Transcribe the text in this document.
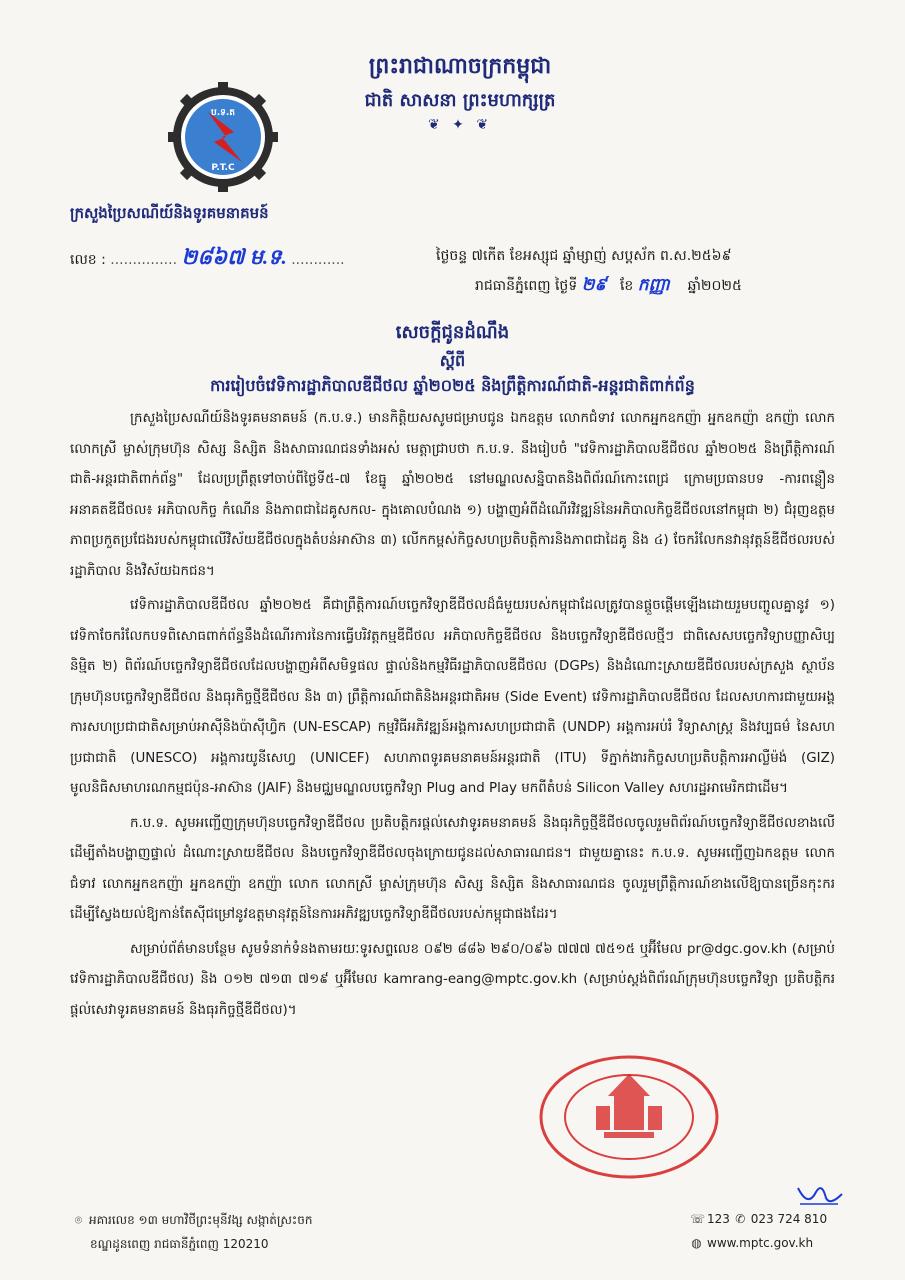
ព្រះរាជាណាចក្រកម្ពុជា
ជាតិ សាសនា ព្រះមហាក្សត្រ
❦ ✦ ❦
ប.ទ.ត
P.T.C
ក្រសួងប្រៃសណីយ៍និងទូរគមនាគមន៍
លេខ : ............... ២៨៦៧ ម.ទ. ............	ថ្ងៃចន្ទ ៧កើត ខែអស្សុជ ឆ្នាំម្សាញ់ សប្តស័ក ព.ស.២៥៦៩
រាជធានីភ្នំពេញ ថ្ងៃទី ២៩ ខែ កញ្ញា ឆ្នាំ២០២៥
សេចក្ដីជូនដំណឹង
ស្ដីពី
ការរៀបចំវេទិការដ្ឋាភិបាលឌីជីថល ឆ្នាំ២០២៥ និងព្រឹត្តិការណ៍ជាតិ-អន្តរជាតិពាក់ព័ន្ធ

ក្រសួងប្រៃសណីយ៍និងទូរគមនាគមន៍ (ក.ប.ទ.) មានកិត្តិយសសូមជម្រាបជូន ឯកឧត្តម លោកជំទាវ លោកអ្នកឧកញ៉ា អ្នកឧកញ៉ា ឧកញ៉ា លោក លោកស្រី ម្ចាស់ក្រុមហ៊ុន សិស្ស និស្សិត និងសាធារណជនទាំងអស់ មេត្តាជ្រាបថា ក.ប.ទ. នឹងរៀបចំ "វេទិការដ្ឋាភិបាលឌីជីថល ឆ្នាំ២០២៥ និងព្រឹត្តិការណ៍ជាតិ-អន្តរជាតិពាក់ព័ន្ធ" ដែលប្រព្រឹត្តទៅចាប់ពីថ្ងៃទី៥-៧ ខែធ្នូ ឆ្នាំ២០២៥ នៅមណ្ឌលសន្និបាតនិងពិព័រណ៍កោះពេជ្រ ក្រោមប្រធានបទ -ការពន្លឿនអនាគតឌីជីថល៖ អភិបាលកិច្ច កំណើន និងភាពជាដៃគូសកល- ក្នុងគោលបំណង ១) បង្ហាញអំពីដំណើរវិវឌ្ឍន៍នៃអភិបាលកិច្ចឌីជីថលនៅកម្ពុជា ២) ជំរុញឧត្តមភាពប្រកួតប្រជែងរបស់កម្ពុជាលើវិស័យឌីជីថលក្នុងតំបន់អាស៊ាន ៣) លើកកម្ពស់កិច្ចសហប្រតិបត្តិការនិងភាពជាដៃគូ និង ៤) ចែករំលែកនវានុវត្តន៍ឌីជីថលរបស់រដ្ឋាភិបាល និងវិស័យឯកជន។

វេទិការដ្ឋាភិបាលឌីជីថល ឆ្នាំ២០២៥ គឺជាព្រឹត្តិការណ៍បច្ចេកវិទ្យាឌីជីថលដ៏ធំមួយរបស់កម្ពុជាដែលត្រូវបានផ្តួចផ្តើមឡើងដោយរួមបញ្ចូលគ្នានូវ ១) វេទិកាចែករំលែកបទពិសោធពាក់ព័ន្ធនឹងដំណើរការនៃការធ្វើបរិវត្តកម្មឌីជីថល អភិបាលកិច្ចឌីជីថល និងបច្ចេកវិទ្យាឌីជីថលថ្មីៗ ជាពិសេសបច្ចេកវិទ្យាបញ្ញាសិប្បនិម្មិត ២) ពិព័រណ៍បច្ចេកវិទ្យាឌីជីថលដែលបង្ហាញអំពីសមិទ្ធផល ផ្ទាល់និងកម្មវិធីរដ្ឋាភិបាលឌីជីថល (DGPs) និងដំណោះស្រាយឌីជីថលរបស់ក្រសួង ស្ថាប័ន ក្រុមហ៊ុនបច្ចេកវិទ្យាឌីជីថល និងធុរកិច្ចថ្មីឌីជីថល និង ៣) ព្រឹត្តិការណ៍ជាតិនិងអន្តរជាតិអម (Side Event) វេទិការដ្ឋាភិបាលឌីជីថល ដែលសហការជាមួយអង្គការសហប្រជាជាតិសម្រាប់អាស៊ីនិងប៉ាស៊ីហ្វិក (UN-ESCAP) កម្មវិធីអភិវឌ្ឍន៍អង្គការសហប្រជាជាតិ (UNDP) អង្គការអប់រំ វិទ្យាសាស្ត្រ និងវប្បធម៌ នៃសហប្រជាជាតិ (UNESCO) អង្គការយូនីសេហ្វ (UNICEF) សហភាពទូរគមនាគមន៍អន្តរជាតិ (ITU) ទីភ្នាក់ងារកិច្ចសហប្រតិបត្តិការអាល្លឺម៉ង់ (GIZ) មូលនិធិសមាហរណកម្មជប៉ុន-អាស៊ាន (JAIF) និងមជ្ឈមណ្ឌលបច្ចេកវិទ្យា Plug and Play មកពីតំបន់ Silicon Valley សហរដ្ឋអាមេរិកជាដើម។

ក.ប.ទ. សូមអញ្ជើញក្រុមហ៊ុនបច្ចេកវិទ្យាឌីជីថល ប្រតិបត្តិករផ្តល់សេវាទូរគមនាគមន៍ និងធុរកិច្ចថ្មីឌីជីថលចូលរួមពិព័រណ៍បច្ចេកវិទ្យាឌីជីថលខាងលើ ដើម្បីតាំងបង្ហាញផ្ទាល់ ដំណោះស្រាយឌីជីថល និងបច្ចេកវិទ្យាឌីជីថលចុងក្រោយជូនដល់សាធារណជន។ ជាមួយគ្នានេះ ក.ប.ទ. សូមអញ្ជើញឯកឧត្តម លោកជំទាវ លោកអ្នកឧកញ៉ា អ្នកឧកញ៉ា ឧកញ៉ា លោក លោកស្រី ម្ចាស់ក្រុមហ៊ុន សិស្ស និស្សិត និងសាធារណជន ចូលរួមព្រឹត្តិការណ៍ខាងលើឱ្យបានច្រើនកុះករ ដើម្បីស្វែងយល់ឱ្យកាន់តែស៊ីជម្រៅនូវឧត្តមានុវត្តន៍នៃការអភិវឌ្ឍបច្ចេកវិទ្យាឌីជីថលរបស់កម្ពុជាផងដែរ។

សម្រាប់ព័ត៌មានបន្ថែម សូមទំនាក់ទំនងតាមរយៈទូរសព្ទលេខ ០៩២ ៨៨៦ ២៩០/០៩៦ ៧៧៧ ៧៥១៥ ឬអ៊ីមែល pr@dgc.gov.kh (សម្រាប់វេទិការដ្ឋាភិបាលឌីជីថល) និង ០១២ ៧១៣ ៧១៩ ឬអ៊ីមែល kamrang-eang@mptc.gov.kh (សម្រាប់ស្តង់ពិព័រណ៍ក្រុមហ៊ុនបច្ចេកវិទ្យា ប្រតិបត្តិករផ្តល់សេវាទូរគមនាគមន៍ និងធុរកិច្ចថ្មីឌីជីថល)។

⌾ អគារលេខ ១៣ មហាវិថីព្រះមុនីវង្ស សង្កាត់ស្រះចក
ខណ្ឌដូនពេញ រាជធានីភ្នំពេញ 120210
☏ 123 ✆ 023 724 810
◍ www.mptc.gov.kh
